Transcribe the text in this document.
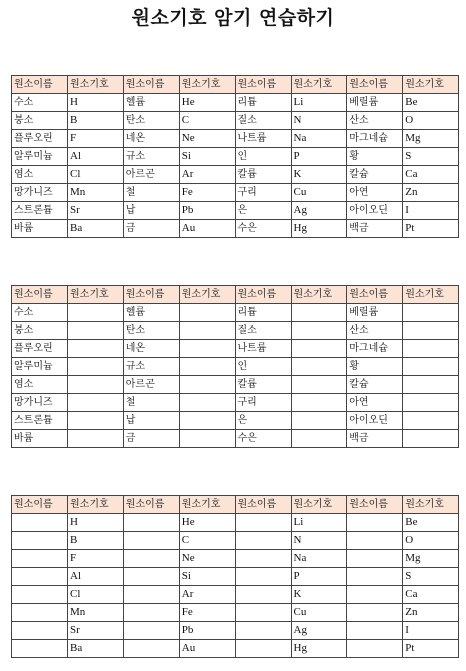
원소기호 암기 연습하기
원소이름	원소기호	원소이름	원소기호	원소이름	원소기호	원소이름	원소기호
수소	H	헬륨	He	리튬	Li	베릴륨	Be
붕소	B	탄소	C	질소	N	산소	O
플루오린	F	네온	Ne	나트륨	Na	마그네슘	Mg
알루미늄	Al	규소	Si	인	P	황	S
염소	Cl	아르곤	Ar	칼륨	K	칼슘	Ca
망가니즈	Mn	철	Fe	구리	Cu	아연	Zn
스트론튬	Sr	납	Pb	은	Ag	아이오딘	I
바륨	Ba	금	Au	수은	Hg	백금	Pt
원소이름	원소기호	원소이름	원소기호	원소이름	원소기호	원소이름	원소기호
수소		헬륨		리튬		베릴륨	
붕소		탄소		질소		산소	
플루오린		네온		나트륨		마그네슘	
알루미늄		규소		인		황	
염소		아르곤		칼륨		칼슘	
망가니즈		철		구리		아연	
스트론튬		납		은		아이오딘	
바륨		금		수은		백금	
원소이름	원소기호	원소이름	원소기호	원소이름	원소기호	원소이름	원소기호
	H		He		Li		Be
	B		C		N		O
	F		Ne		Na		Mg
	Al		Si		P		S
	Cl		Ar		K		Ca
	Mn		Fe		Cu		Zn
	Sr		Pb		Ag		I
	Ba		Au		Hg		Pt
